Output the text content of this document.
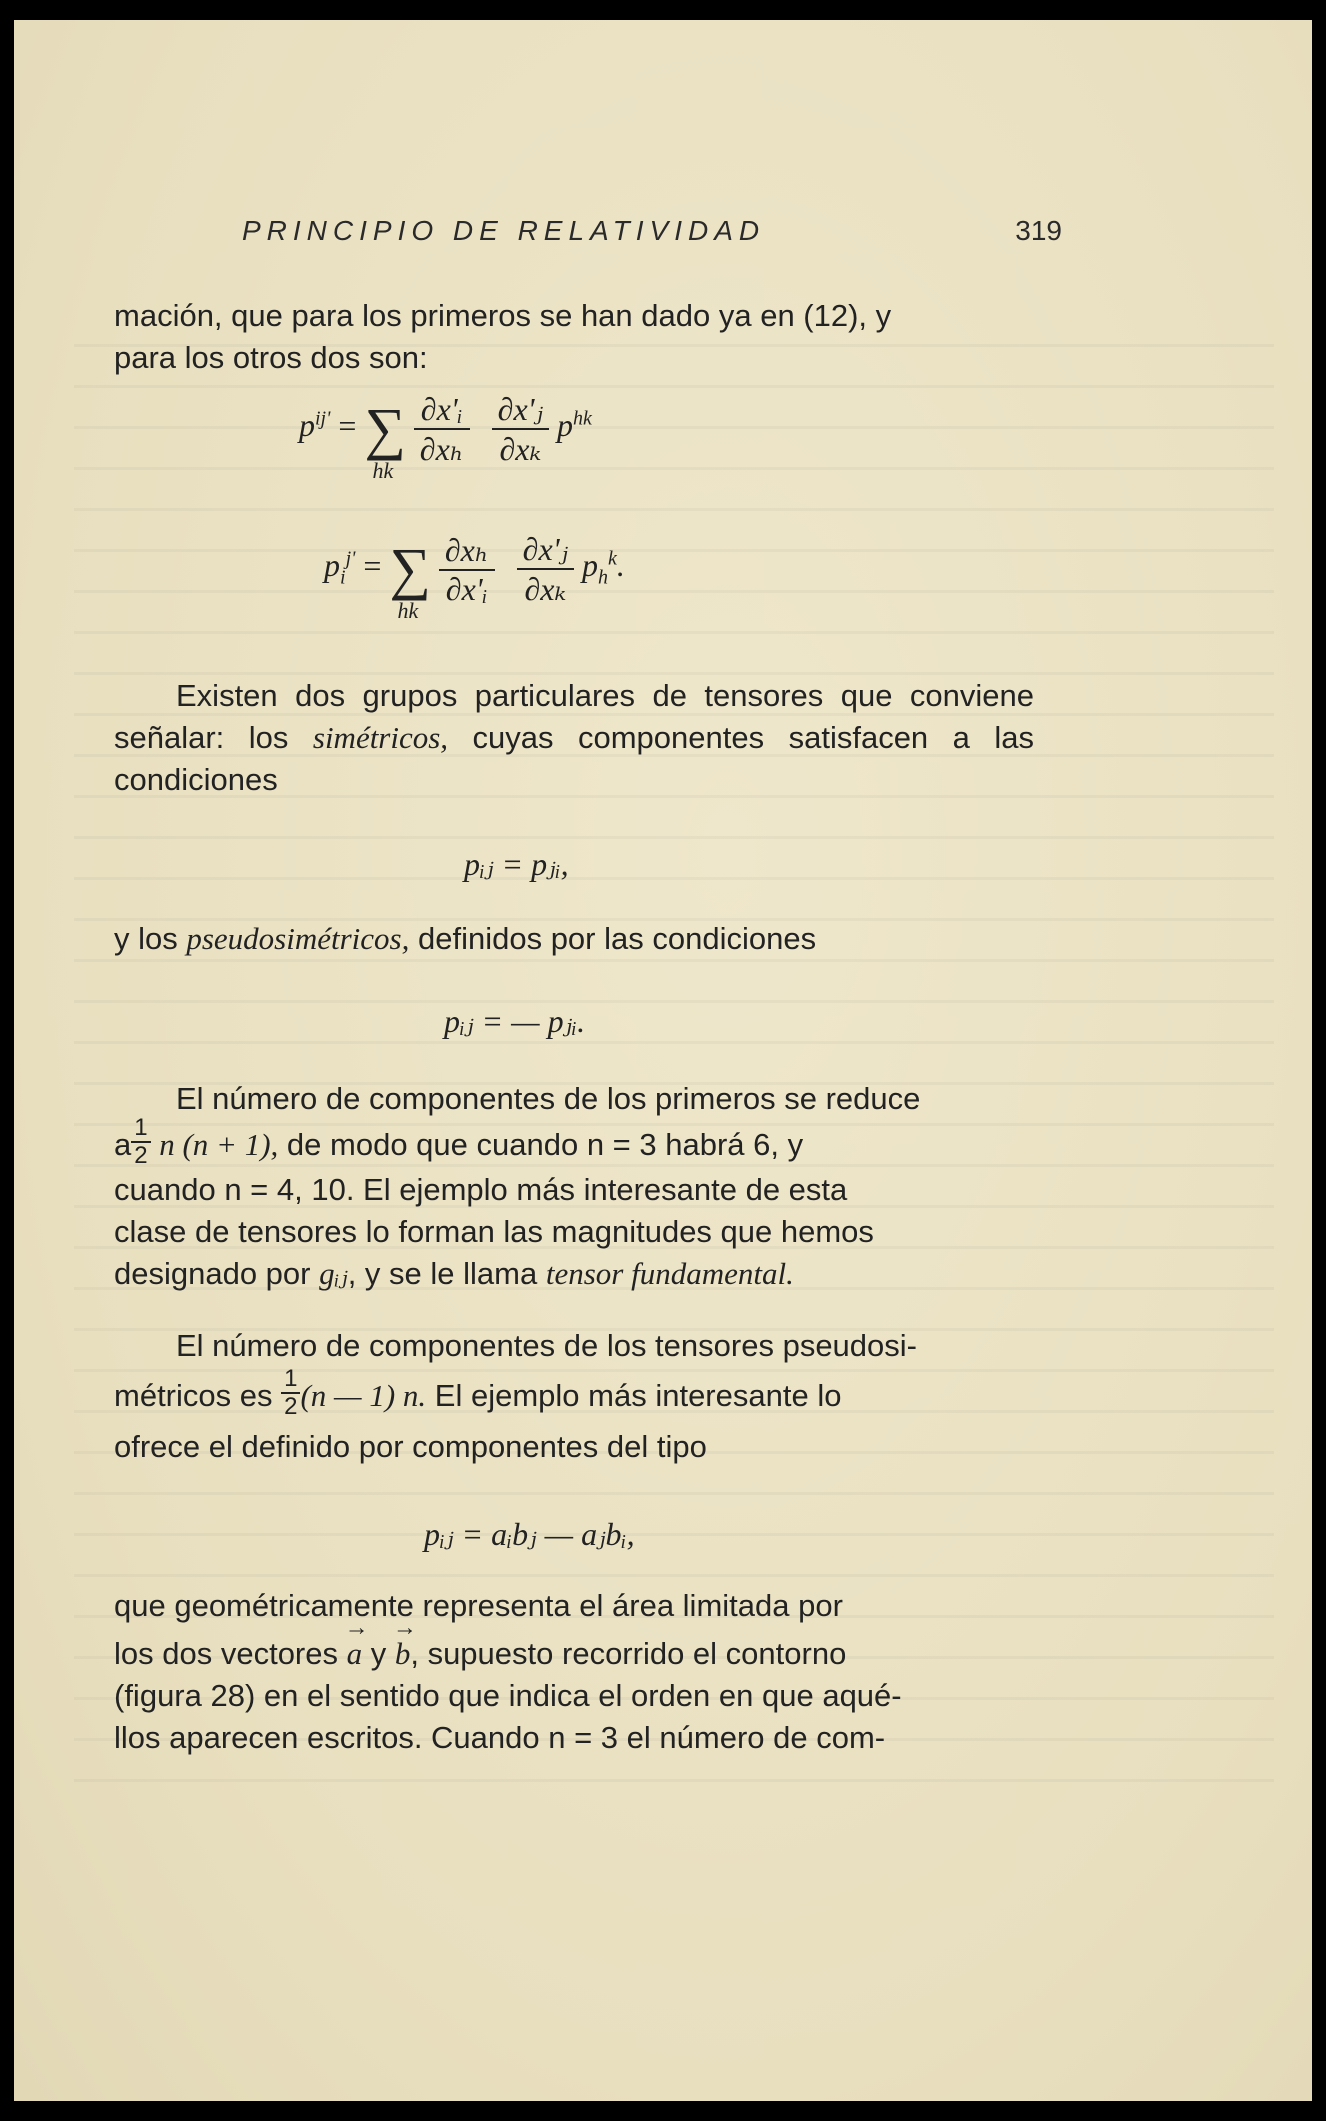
PRINCIPIO DE RELATIVIDAD	319

mación, que para los primeros se han dado ya en (12), y

para los otros dos son:

$p^{ij'}$ = ∑
hk

$\frac{\text{∂x'ᵢ}}{\text{∂xₕ}}$
$\frac{\text{∂x'ⱼ}}{\text{∂xₖ}} p^{hk}$
$p_i^{j'}$ = ∑
hk

$\frac{\text{∂xₕ}}{\text{∂x'ᵢ}}$
$\frac{\text{∂x'ⱼ}}{\text{∂xₖ}} p_h^k$.

Existen dos grupos particulares de tensores que conviene señalar: los simétricos, cuyas componentes satisfacen a las condiciones

pᵢⱼ = pⱼᵢ,

y los pseudosimétricos, definidos por las condiciones

pᵢⱼ = — pⱼᵢ.

El número de componentes de los primeros se reduce

a $\frac{1}{2}$ n (n + 1), de modo que cuando n = 3 habrá 6, y

cuando n = 4, 10. El ejemplo más interesante de esta

clase de tensores lo forman las magnitudes que hemos

designado por gᵢⱼ, y se le llama tensor fundamental.

El número de componentes de los tensores pseudosi-

métricos es $\frac{1}{2} (n$ — 1) n. El ejemplo más interesante lo

ofrece el definido por componentes del tipo

pᵢⱼ = aᵢbⱼ — aⱼbᵢ,

que geométricamente representa el área limitada por

los dos vectores → a y → b, supuesto recorrido el contorno

(figura 28) en el sentido que indica el orden en que aqué-

llos aparecen escritos. Cuando n = 3 el número de com-
